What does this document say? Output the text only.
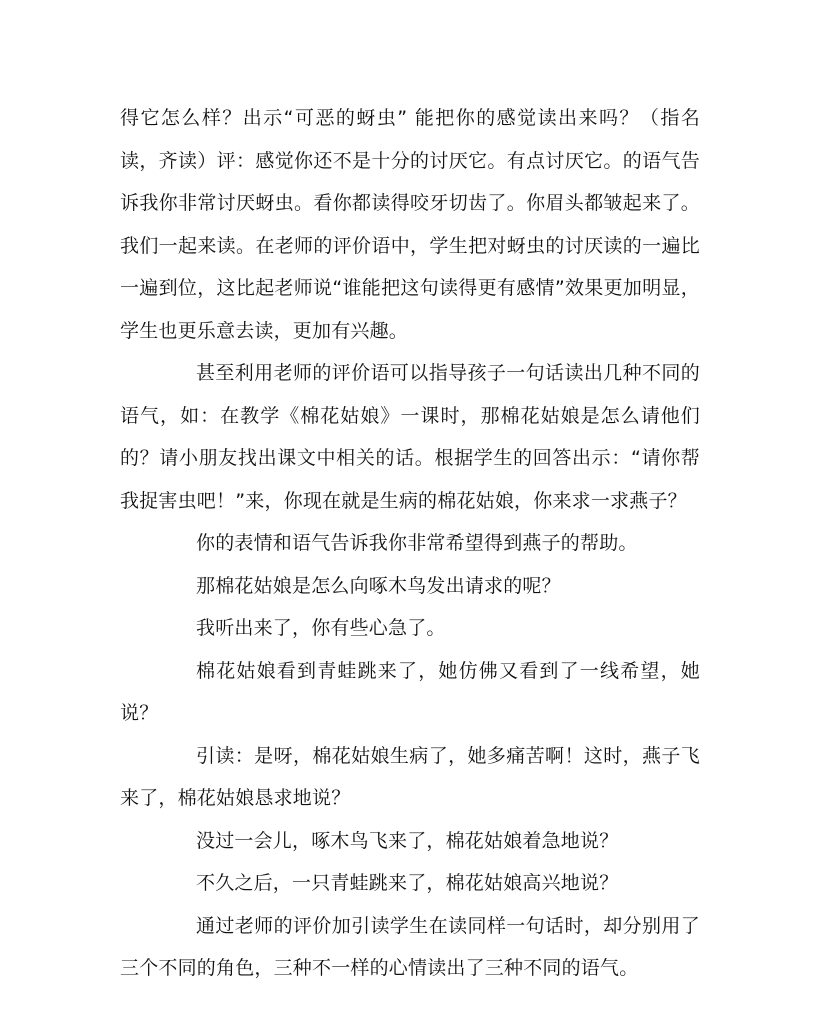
得它怎么样？出示“可恶的蚜虫” 能把你的感觉读出来吗？（指名读，齐读）评：感觉你还不是十分的讨厌它。有点讨厌它。的语气告诉我你非常讨厌蚜虫。看你都读得咬牙切齿了。你眉头都皱起来了。我们一起来读。在老师的评价语中，学生把对蚜虫的讨厌读的一遍比一遍到位，这比起老师说“谁能把这句读得更有感情”效果更加明显，学生也更乐意去读，更加有兴趣。

甚至利用老师的评价语可以指导孩子一句话读出几种不同的语气，如：在教学《棉花姑娘》一课时，那棉花姑娘是怎么请他们的？请小朋友找出课文中相关的话。根据学生的回答出示：“请你帮我捉害虫吧！”来，你现在就是生病的棉花姑娘，你来求一求燕子？

你的表情和语气告诉我你非常希望得到燕子的帮助。

那棉花姑娘是怎么向啄木鸟发出请求的呢？

我听出来了，你有些心急了。

棉花姑娘看到青蛙跳来了，她仿佛又看到了一线希望，她说？

引读：是呀，棉花姑娘生病了，她多痛苦啊！这时，燕子飞来了，棉花姑娘恳求地说？

没过一会儿，啄木鸟飞来了，棉花姑娘着急地说？

不久之后，一只青蛙跳来了，棉花姑娘高兴地说？

通过老师的评价加引读学生在读同样一句话时，却分别用了三个不同的角色，三种不一样的心情读出了三种不同的语气。
